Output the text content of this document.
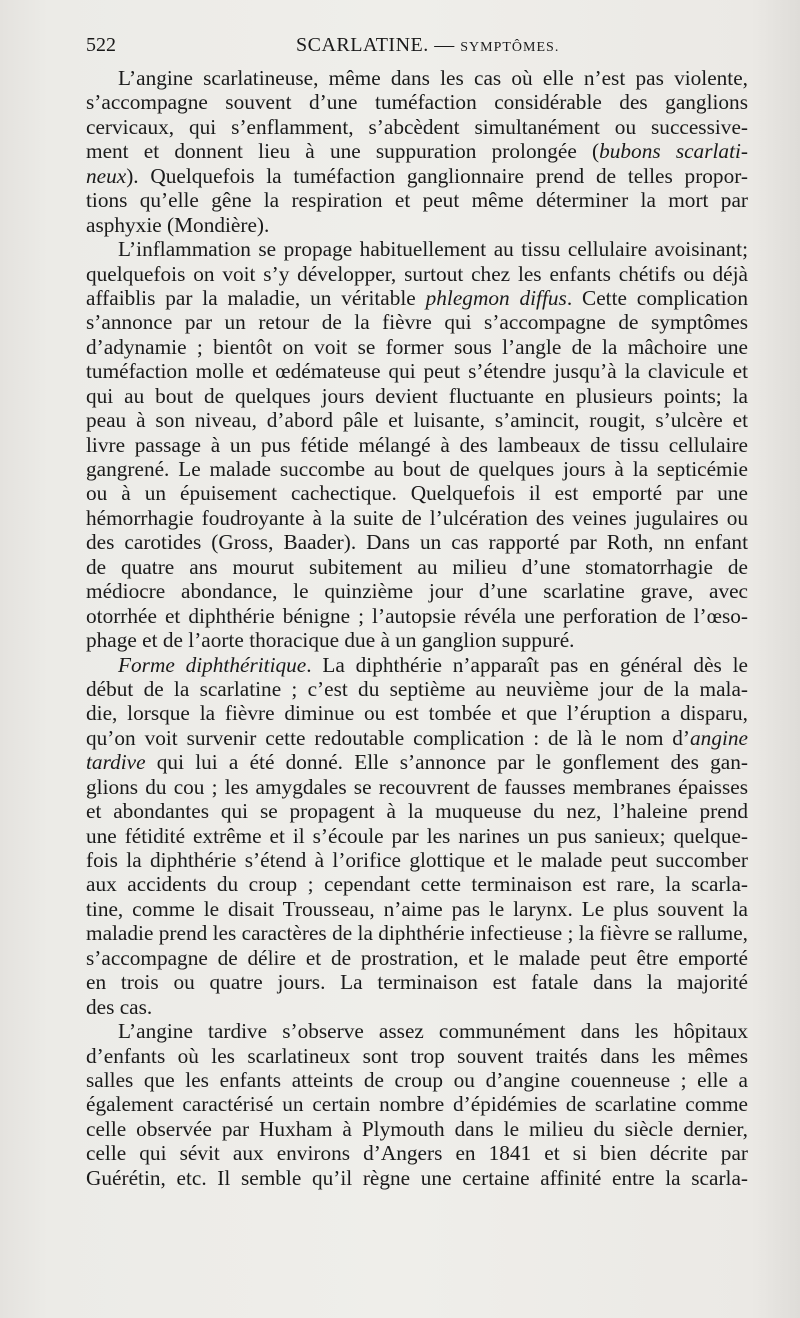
522	SCARLATINE. — SYMPTÔMES.
L’angine scarlatineuse, même dans les cas où elle n’est pas violente,
s’accompagne souvent d’une tuméfaction considérable des ganglions
cervicaux, qui s’enflamment, s’abcèdent simultanément ou successive-
ment et donnent lieu à une suppuration prolongée (bubons scarlati-
neux). Quelquefois la tuméfaction ganglionnaire prend de telles propor-
tions qu’elle gêne la respiration et peut même déterminer la mort par
asphyxie (Mondière).
L’inflammation se propage habituellement au tissu cellulaire avoisinant;
quelquefois on voit s’y développer, surtout chez les enfants chétifs ou déjà
affaiblis par la maladie, un véritable phlegmon diffus. Cette complication
s’annonce par un retour de la fièvre qui s’accompagne de symptômes
d’adynamie ; bientôt on voit se former sous l’angle de la mâchoire une
tuméfaction molle et œdémateuse qui peut s’étendre jusqu’à la clavicule et
qui au bout de quelques jours devient fluctuante en plusieurs points; la
peau à son niveau, d’abord pâle et luisante, s’amincit, rougit, s’ulcère et
livre passage à un pus fétide mélangé à des lambeaux de tissu cellulaire
gangrené. Le malade succombe au bout de quelques jours à la septicémie
ou à un épuisement cachectique. Quelquefois il est emporté par une
hémorrhagie foudroyante à la suite de l’ulcération des veines jugulaires ou
des carotides (Gross, Baader). Dans un cas rapporté par Roth, nn enfant
de quatre ans mourut subitement au milieu d’une stomatorrhagie de
médiocre abondance, le quinzième jour d’une scarlatine grave, avec
otorrhée et diphthérie bénigne ; l’autopsie révéla une perforation de l’œso-
phage et de l’aorte thoracique due à un ganglion suppuré.
Forme diphthéritique. La diphthérie n’apparaît pas en général dès le
début de la scarlatine ; c’est du septième au neuvième jour de la mala-
die, lorsque la fièvre diminue ou est tombée et que l’éruption a disparu,
qu’on voit survenir cette redoutable complication : de là le nom d’angine
tardive qui lui a été donné. Elle s’annonce par le gonflement des gan-
glions du cou ; les amygdales se recouvrent de fausses membranes épaisses
et abondantes qui se propagent à la muqueuse du nez, l’haleine prend
une fétidité extrême et il s’écoule par les narines un pus sanieux; quelque-
fois la diphthérie s’étend à l’orifice glottique et le malade peut succomber
aux accidents du croup ; cependant cette terminaison est rare, la scarla-
tine, comme le disait Trousseau, n’aime pas le larynx. Le plus souvent la
maladie prend les caractères de la diphthérie infectieuse ; la fièvre se rallume,
s’accompagne de délire et de prostration, et le malade peut être emporté
en trois ou quatre jours. La terminaison est fatale dans la majorité
des cas.
L’angine tardive s’observe assez communément dans les hôpitaux
d’enfants où les scarlatineux sont trop souvent traités dans les mêmes
salles que les enfants atteints de croup ou d’angine couenneuse ; elle a
également caractérisé un certain nombre d’épidémies de scarlatine comme
celle observée par Huxham à Plymouth dans le milieu du siècle dernier,
celle qui sévit aux environs d’Angers en 1841 et si bien décrite par
Guérétin, etc. Il semble qu’il règne une certaine affinité entre la scarla-
